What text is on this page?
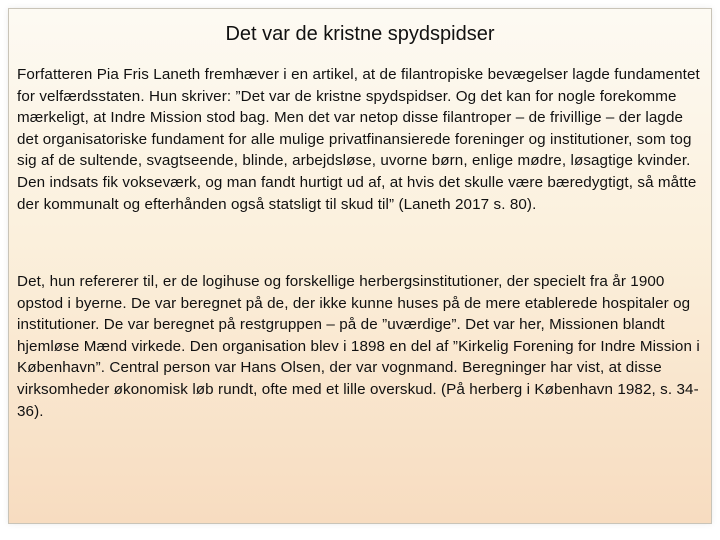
Det var de kristne spydspidser

Forfatteren Pia Fris Laneth fremhæver i en artikel, at de filantropiske bevægelser lagde fundamentet for velfærdsstaten. Hun skriver: ”Det var de kristne spydspidser. Og det kan for nogle forekomme mærkeligt, at Indre Mission stod bag. Men det var netop disse filantroper – de frivillige – der lagde det organisatoriske fundament for alle mulige privatfinansierede foreninger og institutioner, som tog sig af de sultende, svagtseende, blinde, arbejdsløse, uvorne børn, enlige mødre, løsagtige kvinder. Den indsats fik vokseværk, og man fandt hurtigt ud af, at hvis det skulle være bæredygtigt, så måtte der kommunalt og efterhånden også statsligt til skud til” (Laneth 2017 s. 80).

Det, hun refererer til, er de logihuse og forskellige herbergsinstitutioner, der specielt fra år 1900 opstod i byerne. De var beregnet på de, der ikke kunne huses på de mere etablerede hospitaler og institutioner. De var beregnet på restgruppen – på de ”uværdige”. Det var her, Missionen blandt hjemløse Mænd virkede. Den organisation blev i 1898 en del af ”Kirkelig Forening for Indre Mission i København”. Central person var Hans Olsen, der var vognmand. Beregninger har vist, at disse virksomheder økonomisk løb rundt, ofte med et lille overskud. (På herberg i København 1982, s. 34-36).
